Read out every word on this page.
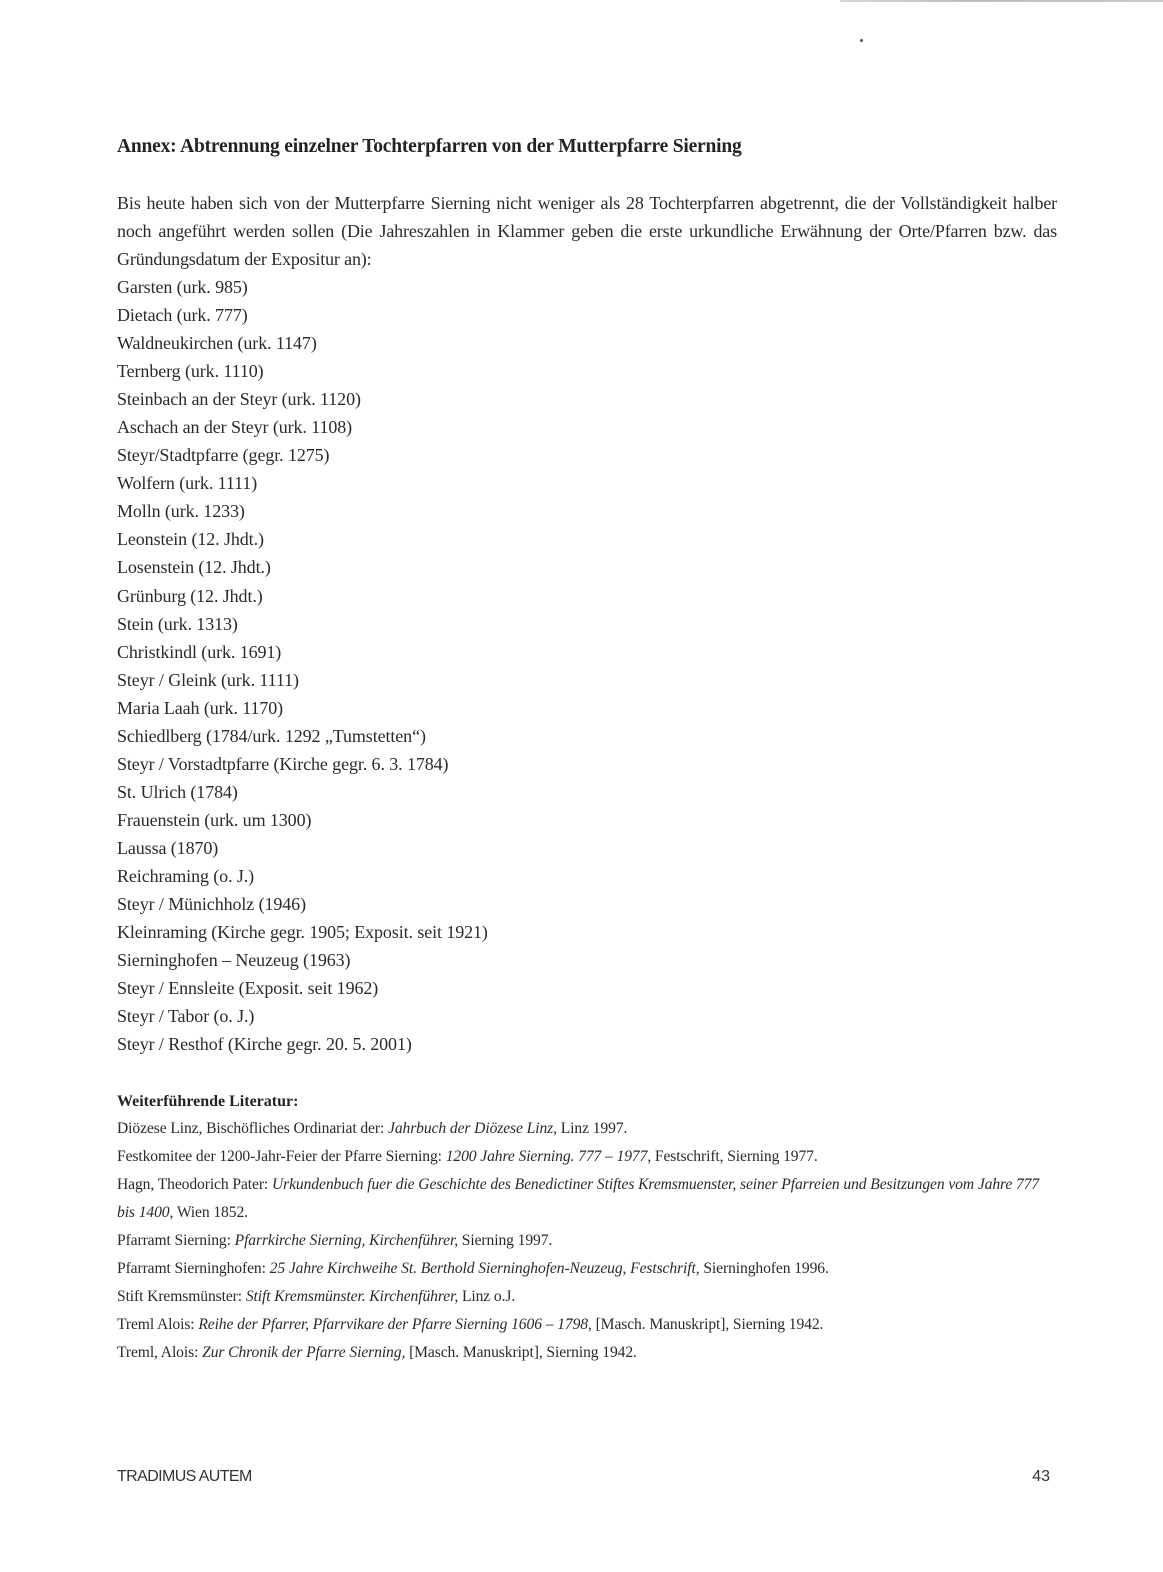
Annex: Abtrennung einzelner Tochterpfarren von der Mutterpfarre Sierning

Bis heute haben sich von der Mutterpfarre Sierning nicht weniger als 28 Tochterpfarren abgetrennt, die der Vollständigkeit halber noch angeführt werden sollen (Die Jahreszahlen in Klammer geben die erste urkundliche Erwähnung der Orte/Pfarren bzw. das Gründungsdatum der Expositur an):

Garsten (urk. 985)
Dietach (urk. 777)
Waldneukirchen (urk. 1147)
Ternberg (urk. 1110)
Steinbach an der Steyr (urk. 1120)
Aschach an der Steyr (urk. 1108)
Steyr/Stadtpfarre (gegr. 1275)
Wolfern (urk. 1111)
Molln (urk. 1233)
Leonstein (12. Jhdt.)
Losenstein (12. Jhdt.)
Grünburg (12. Jhdt.)
Stein (urk. 1313)
Christkindl (urk. 1691)
Steyr / Gleink (urk. 1111)
Maria Laah (urk. 1170)
Schiedlberg (1784/urk. 1292 „Tumstetten“)
Steyr / Vorstadtpfarre (Kirche gegr. 6. 3. 1784)
St. Ulrich (1784)
Frauenstein (urk. um 1300)
Laussa (1870)
Reichraming (o. J.)
Steyr / Münichholz (1946)
Kleinraming (Kirche gegr. 1905; Exposit. seit 1921)
Sierninghofen – Neuzeug (1963)
Steyr / Ennsleite (Exposit. seit 1962)
Steyr / Tabor (o. J.)
Steyr / Resthof (Kirche gegr. 20. 5. 2001)
Weiterführende Literatur:
Diözese Linz, Bischöfliches Ordinariat der: Jahrbuch der Diözese Linz, Linz 1997.
Festkomitee der 1200-Jahr-Feier der Pfarre Sierning: 1200 Jahre Sierning. 777 – 1977, Festschrift, Sierning 1977.
Hagn, Theodorich Pater: Urkundenbuch fuer die Geschichte des Benedictiner Stiftes Kremsmuenster, seiner Pfarreien und Besitzungen vom Jahre 777 bis 1400, Wien 1852.
Pfarramt Sierning: Pfarrkirche Sierning, Kirchenführer, Sierning 1997.
Pfarramt Sierninghofen: 25 Jahre Kirchweihe St. Berthold Sierninghofen-Neuzeug, Festschrift, Sierninghofen 1996.
Stift Kremsmünster: Stift Kremsmünster. Kirchenführer, Linz o.J.
Treml Alois: Reihe der Pfarrer, Pfarrvikare der Pfarre Sierning 1606 – 1798, [Masch. Manuskript], Sierning 1942.
Treml, Alois: Zur Chronik der Pfarre Sierning, [Masch. Manuskript], Sierning 1942.
TRADIMUS AUTEM	43
